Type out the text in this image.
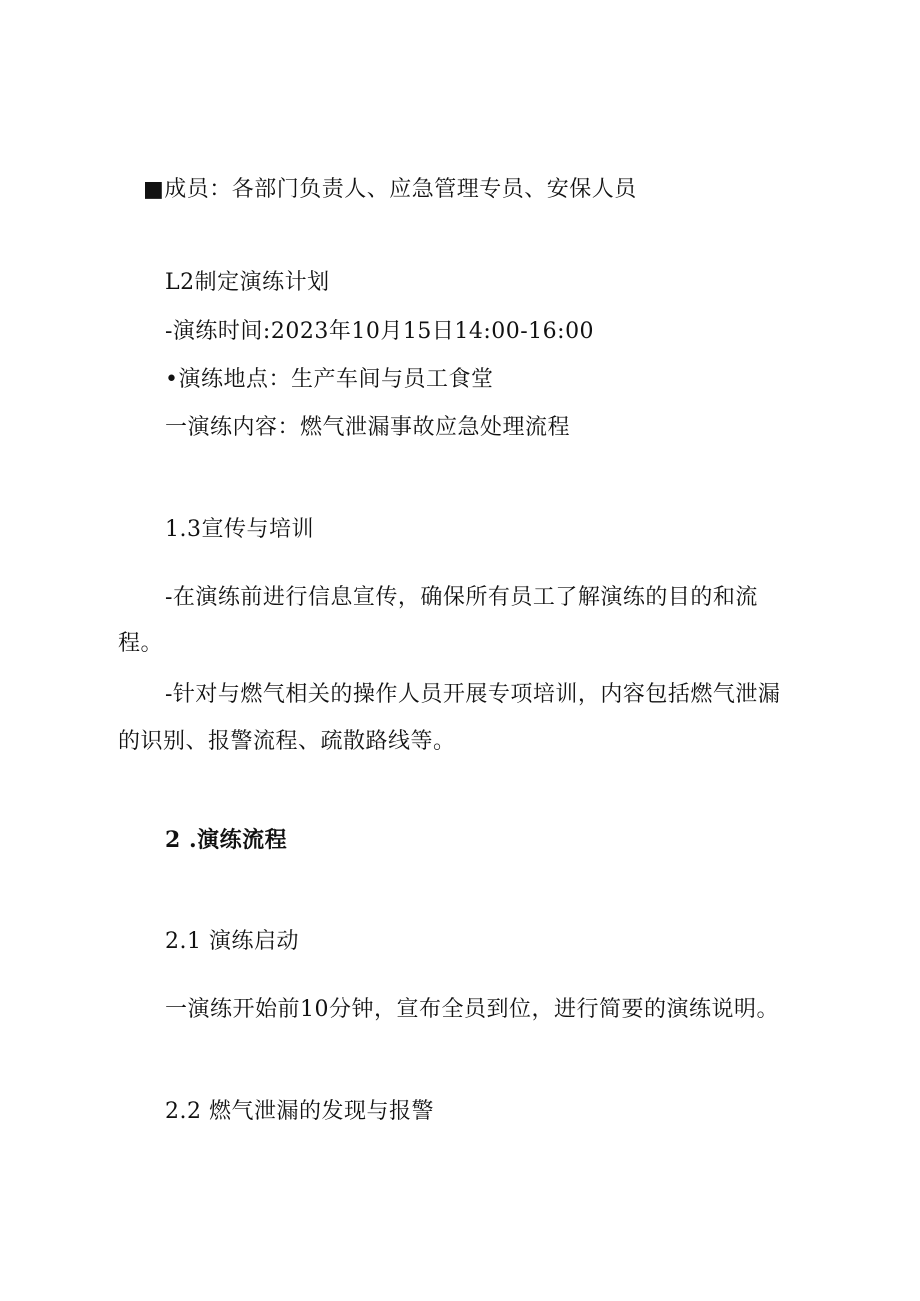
■成员：各部门负责人、应急管理专员、安保人员
L2制定演练计划
-演练时间:2023年10月15日14:00-16:00
•演练地点：生产车间与员工食堂
一演练内容：燃气泄漏事故应急处理流程
1.3宣传与培训
-在演练前进行信息宣传，确保所有员工了解演练的目的和流
程。
-针对与燃气相关的操作人员开展专项培训，内容包括燃气泄漏
的识别、报警流程、疏散路线等。
2 .演练流程
2.1 演练启动
一演练开始前10分钟，宣布全员到位，进行简要的演练说明。
2.2 燃气泄漏的发现与报警
